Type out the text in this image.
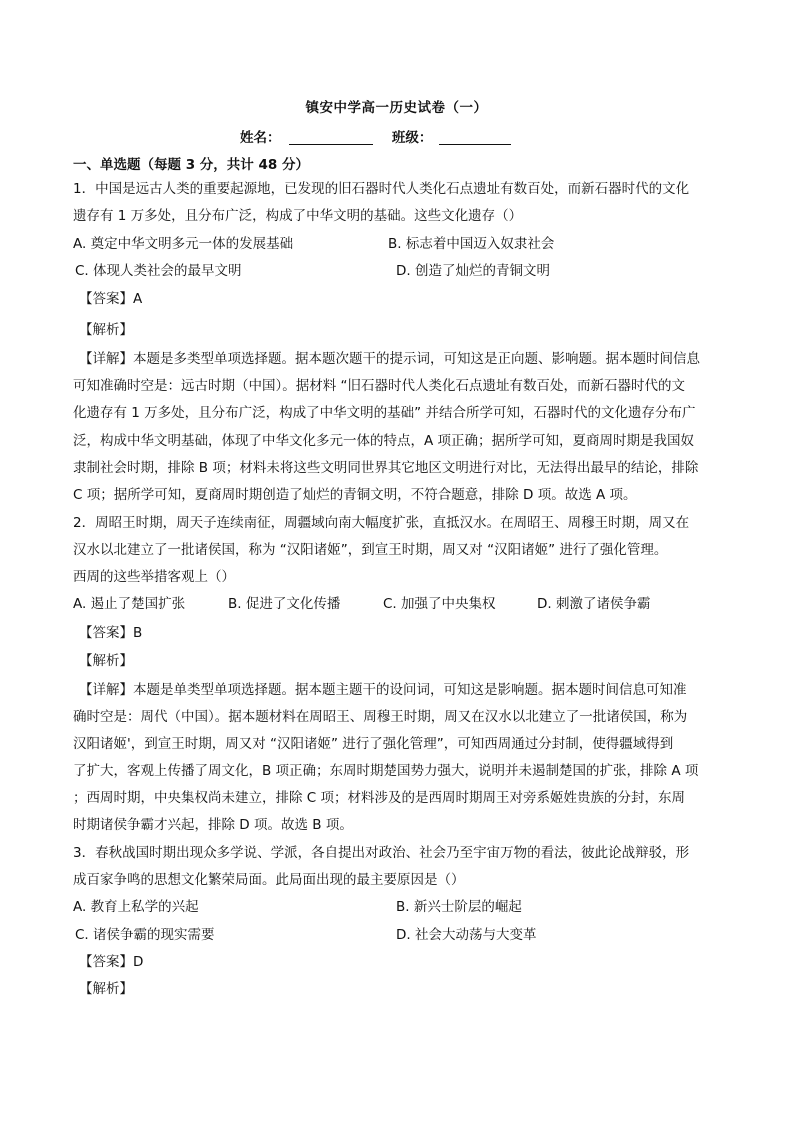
镇安中学高一历史试卷（一）
姓名：	班级：
一、单选题（每题 3 分，共计 48 分）
1．中国是远古人类的重要起源地，已发现的旧石器时代人类化石点遗址有数百处，而新石器时代的文化
遗存有 1 万多处，且分布广泛，构成了中华文明的基础。这些文化遗存（）
A. 奠定中华文明多元一体的发展基础	B. 标志着中国迈入奴隶社会
C. 体现人类社会的最早文明	D. 创造了灿烂的青铜文明
【答案】A
【解析】
【详解】本题是多类型单项选择题。据本题次题干的提示词，可知这是正向题、影响题。据本题时间信息
可知准确时空是：远古时期（中国）。据材料 “旧石器时代人类化石点遗址有数百处，而新石器时代的文
化遗存有 1 万多处，且分布广泛，构成了中华文明的基础” 并结合所学可知，石器时代的文化遗存分布广
泛，构成中华文明基础，体现了中华文化多元一体的特点，A 项正确；据所学可知，夏商周时期是我国奴
隶制社会时期，排除 B 项；材料未将这些文明同世界其它地区文明进行对比，无法得出最早的结论，排除
C 项；据所学可知，夏商周时期创造了灿烂的青铜文明，不符合题意，排除 D 项。故选 A 项。
2．周昭王时期，周天子连续南征，周疆域向南大幅度扩张，直抵汉水。在周昭王、周穆王时期，周又在
汉水以北建立了一批诸侯国，称为 “汉阳诸姬”，到宣王时期，周又对 “汉阳诸姬” 进行了强化管理。
西周的这些举措客观上（）
A. 遏止了楚国扩张	B. 促进了文化传播	C. 加强了中央集权	D. 刺激了诸侯争霸
【答案】B
【解析】
【详解】本题是单类型单项选择题。据本题主题干的设问词，可知这是影响题。据本题时间信息可知准
确时空是：周代（中国）。据本题材料在周昭王、周穆王时期，周又在汉水以北建立了一批诸侯国，称为
汉阳诸姬'，到宣王时期，周又对 “汉阳诸姬” 进行了强化管理”，可知西周通过分封制，使得疆域得到
了扩大，客观上传播了周文化，B 项正确；东周时期楚国势力强大，说明并未遏制楚国的扩张，排除 A 项
；西周时期，中央集权尚未建立，排除 C 项；材料涉及的是西周时期周王对旁系姬姓贵族的分封，东周
时期诸侯争霸才兴起，排除 D 项。故选 B 项。
3．春秋战国时期出现众多学说、学派，各自提出对政治、社会乃至宇宙万物的看法，彼此论战辩驳，形
成百家争鸣的思想文化繁荣局面。此局面出现的最主要原因是（）
A. 教育上私学的兴起	B. 新兴士阶层的崛起
C. 诸侯争霸的现实需要	D. 社会大动荡与大变革
【答案】D
【解析】
